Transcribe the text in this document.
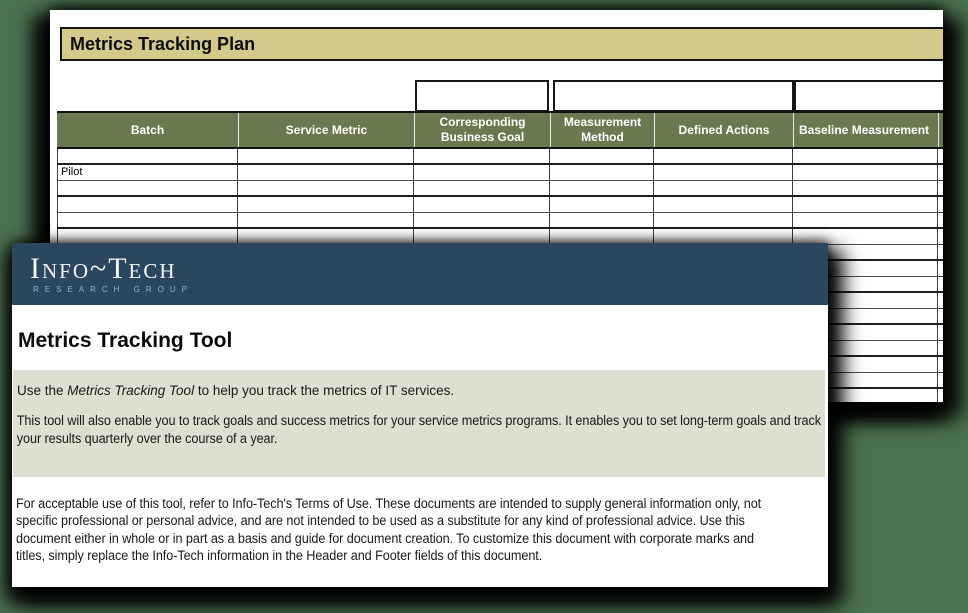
Metrics Tracking Plan
Batch	Service Metric
Corresponding Business Goal
Measurement Method
Defined Actions	Baseline Measurement
Pilot
Info~Tech
RESEARCH GROUP
Metrics Tracking Tool
Use the Metrics Tracking Tool to help you track the metrics of IT services.
This tool will also enable you to track goals and success metrics for your service metrics programs. It enables you to set long-term goals and track your results quarterly over the course of a year.
For acceptable use of this tool, refer to Info-Tech's Terms of Use. These documents are intended to supply general information only, not specific professional or personal advice, and are not intended to be used as a substitute for any kind of professional advice. Use this document either in whole or in part as a basis and guide for document creation. To customize this document with corporate marks and titles, simply replace the Info-Tech information in the Header and Footer fields of this document.
